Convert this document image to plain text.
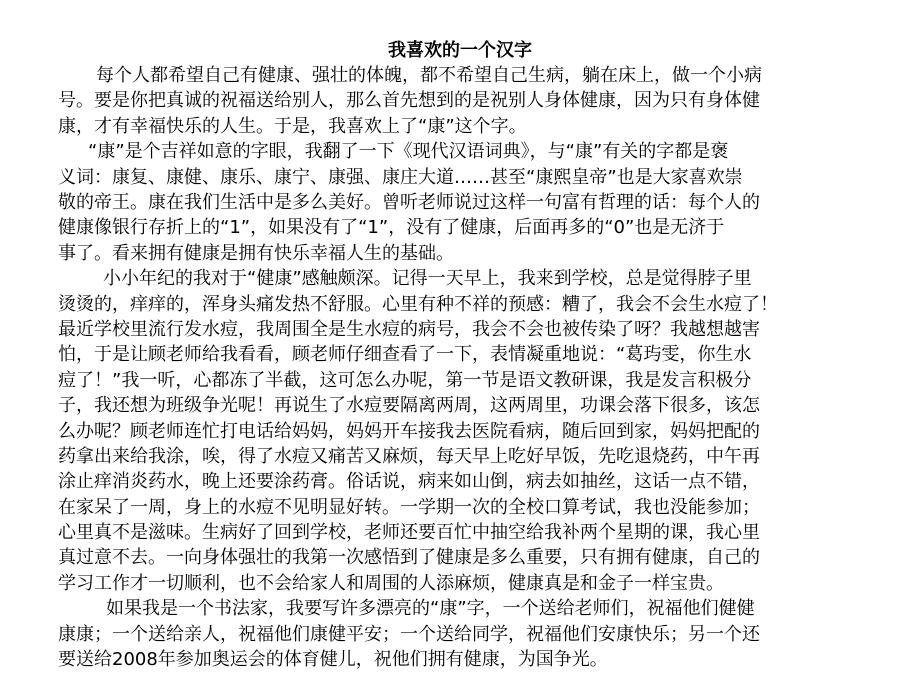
我喜欢的一个汉字
每个人都希望自己有健康、强壮的体魄，都不希望自己生病，躺在床上，做一个小病
号。要是你把真诚的祝福送给别人，那么首先想到的是祝别人身体健康，因为只有身体健
康，才有幸福快乐的人生。于是，我喜欢上了“康”这个字。
“康”是个吉祥如意的字眼，我翻了一下《现代汉语词典》，与“康”有关的字都是褒
义词：康复、康健、康乐、康宁、康强、康庄大道……甚至“康熙皇帝”也是大家喜欢崇
敬的帝王。康在我们生活中是多么美好。曾听老师说过这样一句富有哲理的话：每个人的
健康像银行存折上的“1”，如果没有了“1”，没有了健康，后面再多的“0”也是无济于
事了。看来拥有健康是拥有快乐幸福人生的基础。
小小年纪的我对于“健康”感触颇深。记得一天早上，我来到学校，总是觉得脖子里
烫烫的，痒痒的，浑身头痛发热不舒服。心里有种不祥的预感：糟了，我会不会生水痘了！
最近学校里流行发水痘，我周围全是生水痘的病号，我会不会也被传染了呀？我越想越害
怕，于是让顾老师给我看看，顾老师仔细查看了一下，表情凝重地说：“葛玙雯，你生水
痘了！”我一听，心都冻了半截，这可怎么办呢，第一节是语文教研课，我是发言积极分
子，我还想为班级争光呢！再说生了水痘要隔离两周，这两周里，功课会落下很多，该怎
么办呢？顾老师连忙打电话给妈妈，妈妈开车接我去医院看病，随后回到家，妈妈把配的
药拿出来给我涂，唉，得了水痘又痛苦又麻烦，每天早上吃好早饭，先吃退烧药，中午再
涂止痒消炎药水，晚上还要涂药膏。俗话说，病来如山倒，病去如抽丝，这话一点不错，
在家呆了一周，身上的水痘不见明显好转。一学期一次的全校口算考试，我也没能参加；
心里真不是滋味。生病好了回到学校，老师还要百忙中抽空给我补两个星期的课，我心里
真过意不去。一向身体强壮的我第一次感悟到了健康是多么重要，只有拥有健康，自己的
学习工作才一切顺利，也不会给家人和周围的人添麻烦，健康真是和金子一样宝贵。
如果我是一个书法家，我要写许多漂亮的“康”字，一个送给老师们，祝福他们健健
康康；一个送给亲人，祝福他们康健平安；一个送给同学，祝福他们安康快乐；另一个还
要送给2008年参加奥运会的体育健儿，祝他们拥有健康，为国争光。
